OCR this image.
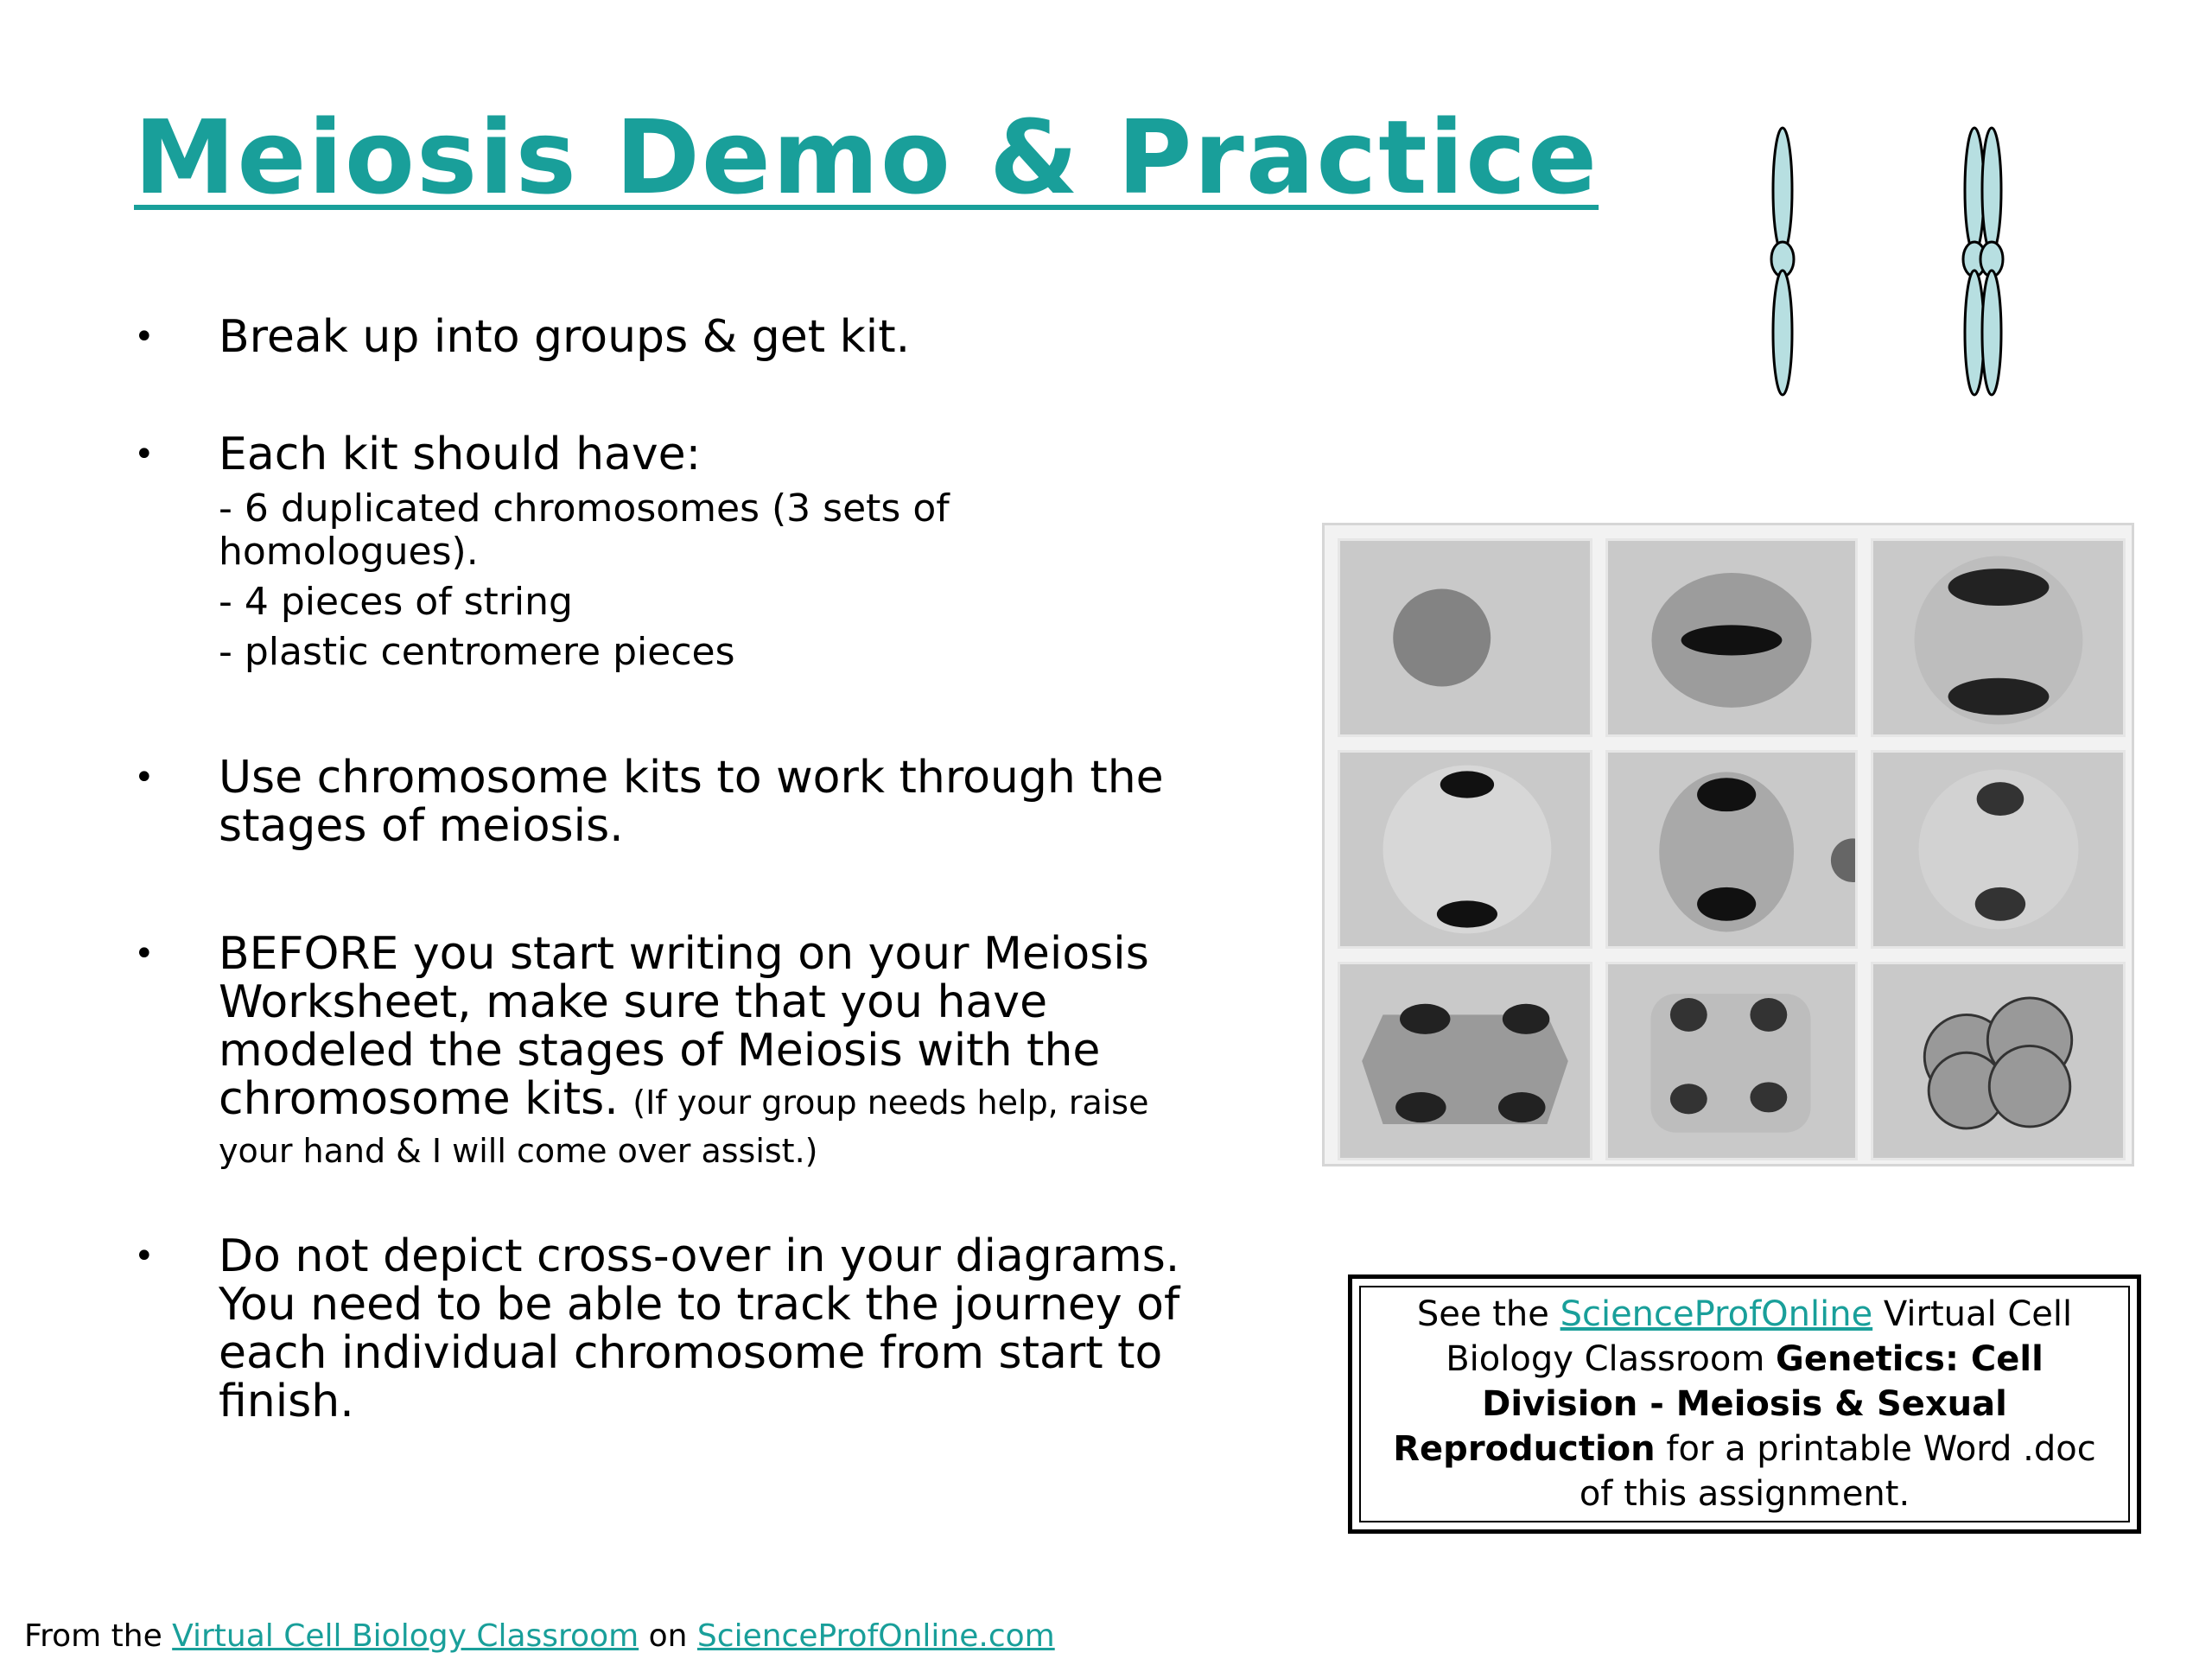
Meiosis Demo & Practice
• Break up into groups & get kit.
• Each kit should have:
- 6 duplicated chromosomes (3 sets of homologues).
- 4 pieces of string
- plastic centromere pieces
• Use chromosome kits to work through the stages of meiosis.
• BEFORE you start writing on your Meiosis Worksheet, make sure that you have modeled the stages of Meiosis with the chromosome kits. (If your group needs help, raise your hand & I will come over assist.)
• Do not depict cross-over in your diagrams. You need to be able to track the journey of each individual chromosome from start to finish.
See the ScienceProfOnline Virtual Cell Biology Classroom Genetics: Cell Division - Meiosis & Sexual Reproduction for a printable Word .doc of this assignment.
From the Virtual Cell Biology Classroom on ScienceProfOnline.com
